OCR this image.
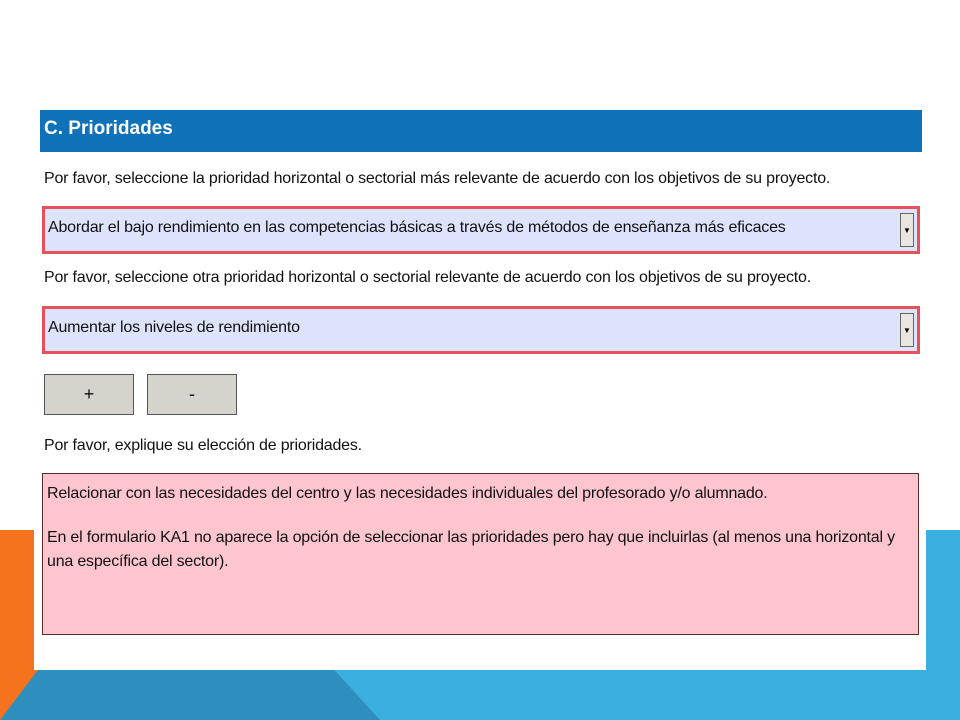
C. Prioridades
Por favor, seleccione la prioridad horizontal o sectorial más relevante de acuerdo con los objetivos de su proyecto.
Abordar el bajo rendimiento en las competencias básicas a través de métodos de enseñanza más eficaces	▼
Por favor, seleccione otra prioridad horizontal o sectorial relevante de acuerdo con los objetivos de su proyecto.
Aumentar los niveles de rendimiento	▼
+	-
Por favor, explique su elección de prioridades.

Relacionar con las necesidades del centro y las necesidades individuales del profesorado y/o alumnado.

En el formulario KA1 no aparece la opción de seleccionar las prioridades pero hay que incluirlas (al menos una horizontal y una específica del sector).
